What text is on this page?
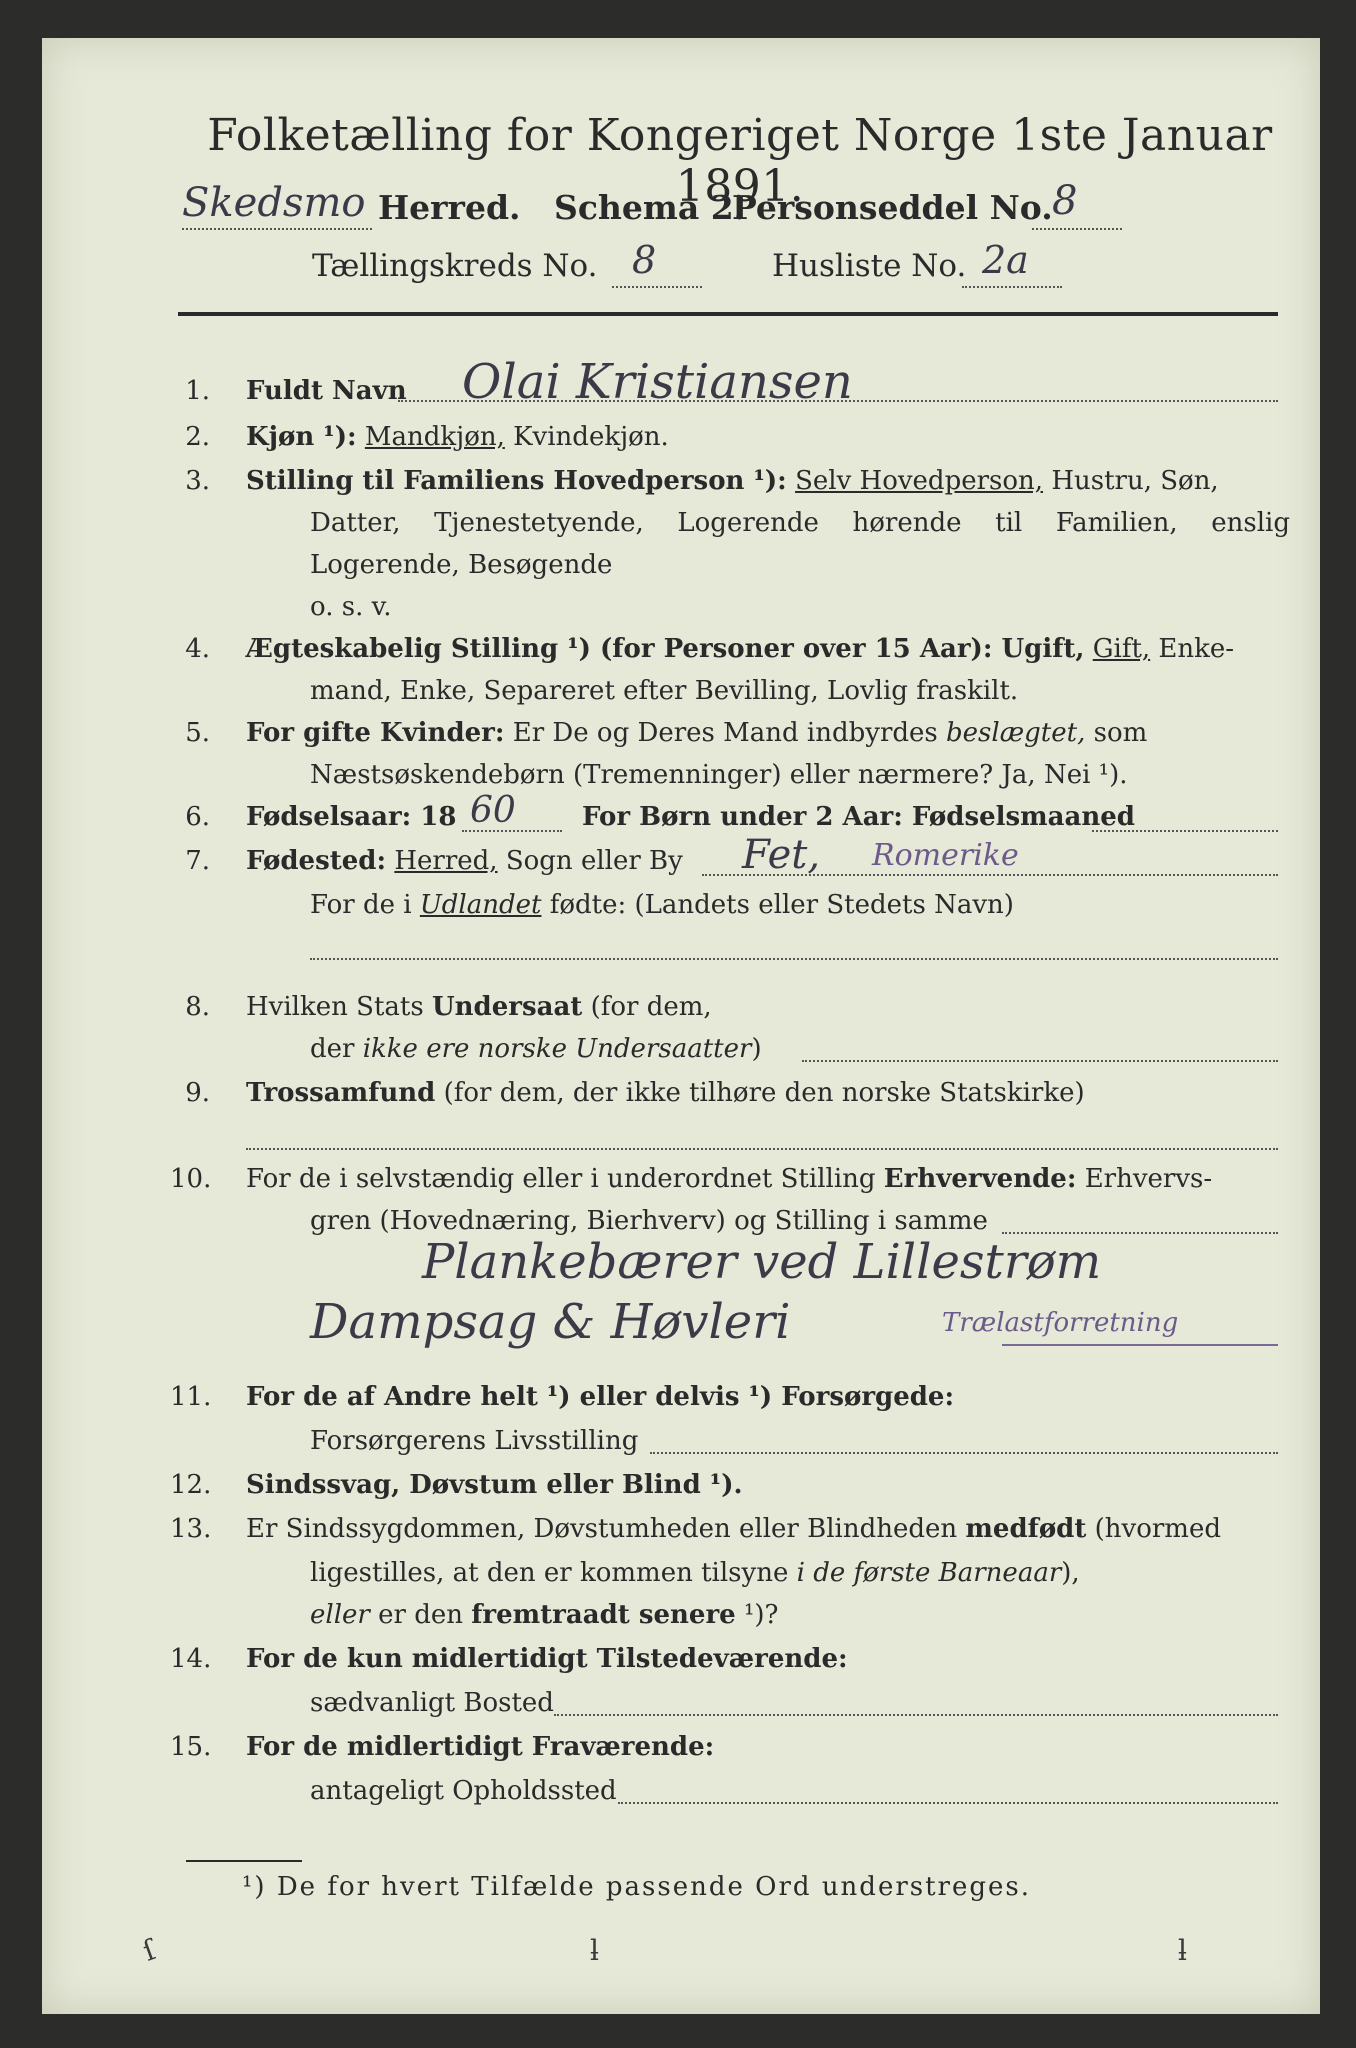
Folketælling for Kongeriget Norge 1ste Januar 1891.
Skedsmo Herred. Schema 2.
Personseddel No. 8
Tællingskreds No. 8	Husliste No. 2a
1. Fuldt Navn Olai Kristiansen
2. Kjøn ¹): Mandkjøn, Kvindekjøn.
3. Stilling til Familiens Hovedperson ¹): Selv Hovedperson, Hustru, Søn,
Datter, Tjenestetyende, Logerende hørende til Familien, enslig
Logerende, Besøgende
o. s. v.
4. Ægteskabelig Stilling ¹) (for Personer over 15 Aar): Ugift, Gift, Enke-
mand, Enke, Separeret efter Bevilling, Lovlig fraskilt.
5. For gifte Kvinder: Er De og Deres Mand indbyrdes beslægtet, som
Næstsøskendebørn (Tremenninger) eller nærmere? Ja, Nei ¹).
6. Fødselsaar: 18 60	For Børn under 2 Aar: Fødselsmaaned
7. Fødested: Herred, Sogn eller By Fet, Romerike
For de i Udlandet fødte: (Landets eller Stedets Navn)
8. Hvilken Stats Undersaat (for dem,
der ikke ere norske Undersaatter)
9. Trossamfund (for dem, der ikke tilhøre den norske Statskirke)
10. For de i selvstændig eller i underordnet Stilling Erhvervende: Erhvervs-
gren (Hovednæring, Bierhverv) og Stilling i samme
Plankebærer ved Lillestrøm
Dampsag & Høvleri	Trælastforretning
11. For de af Andre helt ¹) eller delvis ¹) Forsørgede:
Forsørgerens Livsstilling
12. Sindssvag, Døvstum eller Blind ¹).
13. Er Sindssygdommen, Døvstumheden eller Blindheden medfødt (hvormed
ligestilles, at den er kommen tilsyne i de første Barneaar),
eller er den fremtraadt senere ¹)?
14. For de kun midlertidigt Tilstedeværende:
sædvanligt Bosted
15. For de midlertidigt Fraværende:
antageligt Opholdssted
¹) De for hvert Tilfælde passende Ord understreges.
ſ	ƚ	ƚ
